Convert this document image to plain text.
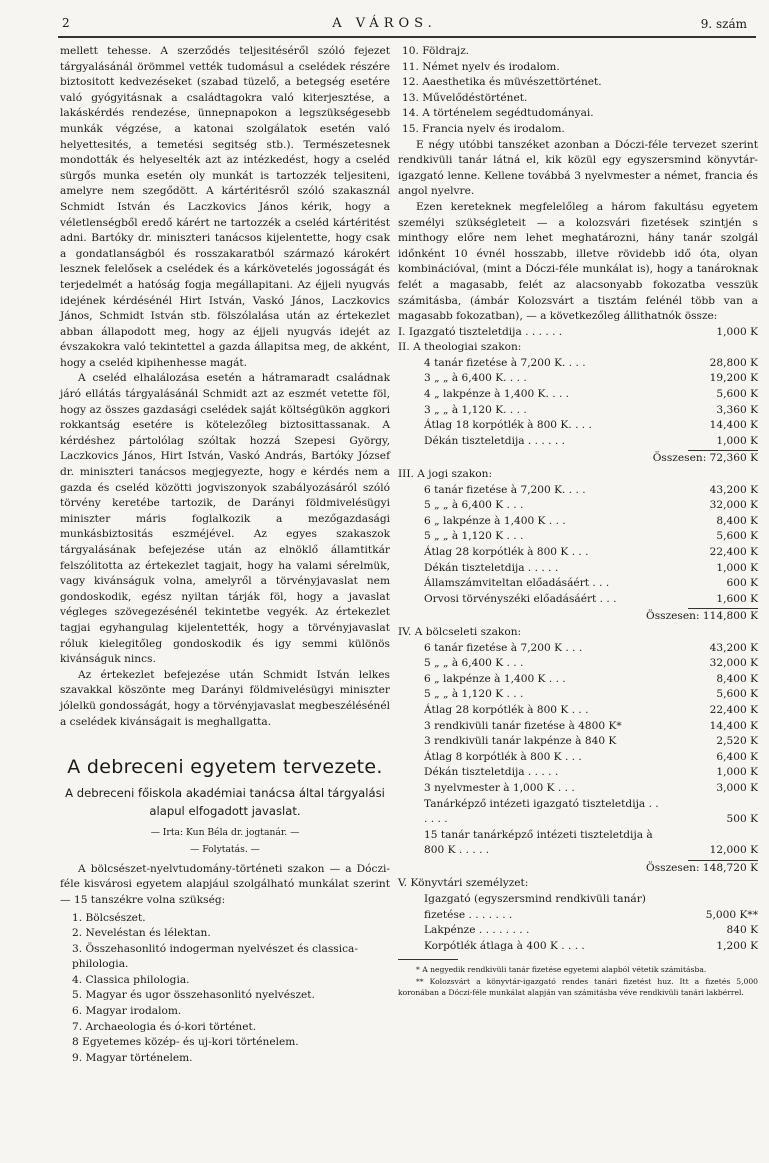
2	A VÁROS.	9. szám

mellett tehesse. A szerződés teljesitéséről szóló fejezet tárgyalásánál örömmel vették tudomásul a cselédek részére biztositott kedvezéseket (szabad tüzelő, a betegség esetére való gyógyitásnak a családtagokra való kiterjesztése, a lakáskérdés rendezése, ünnepnapokon a legszükségesebb munkák végzése, a katonai szolgálatok esetén való helyettesités, a temetési segitség stb.). Természetesnek mondották és helyeselték azt az intézkedést, hogy a cseléd sürgős munka esetén oly munkát is tartozzék teljesiteni, amelyre nem szegődött. A kártéritésről szóló szakasznál Schmidt István és Laczkovics János kérik, hogy a véletlenségből eredő kárért ne tartozzék a cseléd kártéritést adni. Bartóky dr. miniszteri tanácsos kijelentette, hogy csak a gondatlanságból és rosszakaratból származó károkért lesznek felelősek a cselédek és a kárkövetelés jogosságát és terjedelmét a hatóság fogja megállapitani. Az éjjeli nyugvás idejének kérdésénél Hirt István, Vaskó János, Laczkovics János, Schmidt István stb. fölszólalása után az értekezlet abban állapodott meg, hogy az éjjeli nyugvás idejét az évszakokra való tekintettel a gazda állapitsa meg, de akként, hogy a cseléd kipihenhesse magát.

A cseléd elhalálozása esetén a hátramaradt családnak járó ellátás tárgyalásánál Schmidt azt az eszmét vetette föl, hogy az összes gazdasági cselédek saját költségükön aggkori rokkantság esetére is kötelezőleg biztosittassanak. A kérdéshez pártolólag szóltak hozzá Szepesi György, Laczkovics János, Hirt István, Vaskó András, Bartóky József dr. miniszteri tanácsos megjegyezte, hogy e kérdés nem a gazda és cseléd közötti jogviszonyok szabályozásáról szóló törvény keretébe tartozik, de Darányi földmivelésügyi miniszter máris foglalkozik a mezőgazdasági munkásbiztositás eszméjével. Az egyes szakaszok tárgyalásának befejezése után az elnöklő államtitkár felszólitotta az értekezlet tagjait, hogy ha valami sérelmük, vagy kivánságuk volna, amelyről a törvényjavaslat nem gondoskodik, egész nyiltan tárják föl, hogy a javaslat végleges szövegezésénél tekintetbe vegyék. Az értekezlet tagjai egyhangulag kijelentették, hogy a törvényjavaslat róluk kielegitőleg gondoskodik és igy semmi különös kivánságuk nincs.

Az értekezlet befejezése után Schmidt István lelkes szavakkal köszönte meg Darányi földmivelésügyi miniszter jólelkü gondosságát, hogy a törvényjavaslat megbeszélésénél a cselédek kivánságait is meghallgatta.

A debreceni egyetem tervezete.
A debreceni főiskola akadémiai tanácsa által tárgyalási alapul elfogadott javaslat.
— Irta: Kun Béla dr. jogtanár. —
— Folytatás. —

A bölcsészet-nyelvtudomány-történeti szakon — a Dóczi-féle kisvárosi egyetem alapjául szolgálható munkálat szerint — 15 tanszékre volna szükség:

1. Bölcsészet.
2. Neveléstan és lélektan.
3. Összehasonlitó indogerman nyelvészet és classica-philologia.
4. Classica philologia.
5. Magyar és ugor összehasonlitó nyelvészet.
6. Magyar irodalom.
7. Archaeologia és ó-kori történet.
8 Egyetemes közép- és uj-kori történelem.
9. Magyar történelem.
10. Földrajz.
11. Német nyelv és irodalom.
12. Aaesthetika és müvészettörténet.
13. Művelődéstörténet.
14. A történelem segédtudományai.
15. Francia nyelv és irodalom.

E négy utóbbi tanszéket azonban a Dóczi-féle tervezet szerint rendkivüli tanár látná el, kik közül egy egyszersmind könyvtár-igazgató lenne. Kellene továbbá 3 nyelvmester a német, francia és angol nyelvre.

Ezen kereteknek megfelelőleg a három fakultásu egyetem személyi szükségleteit — a kolozsvári fizetések szintjén s minthogy előre nem lehet meghatározni, hány tanár szolgál időnként 10 évnél hosszabb, illetve rövidebb idő óta, olyan kombinációval, (mint a Dóczi-féle munkálat is), hogy a tanároknak felét a magasabb, felét az alacsonyabb fokozatba vesszük számitásba, (ámbár Kolozsvárt a tisztám felénél több van a magasabb fokozatban), — a következőleg állithatnók össze:

I. Igazgató tiszteletdija . . . . . .	1,000 K
II. A theologiai szakon:
4 tanár fizetése à 7,200 K. . . .	28,800 K
3 „ „ à 6,400 K. . . .	19,200 K
4 „ lakpénze à 1,400 K. . . .	5,600 K
3 „ „ à 1,120 K. . . .	3,360 K
Átlag 18 korpótlék à 800 K. . . .	14,400 K
Dékán tiszteletdija . . . . . .	1,000 K
Összesen: 72,360 K
III. A jogi szakon:
6 tanár fizetése à 7,200 K. . . .	43,200 K
5 „ „ à 6,400 K . . .	32,000 K
6 „ lakpénze à 1,400 K . . .	8,400 K
5 „ „ à 1,120 K . . .	5,600 K
Átlag 28 korpótlék à 800 K . . .	22,400 K
Dékán tiszteletdija . . . . .	1,000 K
Államszámviteltan előadásáért . . .	600 K
Orvosi törvényszéki előadásáért . . .	1,600 K
Összesen: 114,800 K
IV. A bölcseleti szakon:
6 tanár fizetése à 7,200 K . . .	43,200 K
5 „ „ à 6,400 K . . .	32,000 K
6 „ lakpénze à 1,400 K . . .	8,400 K
5 „ „ à 1,120 K . . .	5,600 K
Átlag 28 korpótlék à 800 K . . .	22,400 K
3 rendkivüli tanár fizetése à 4800 K*	14,400 K
3 rendkivüli tanár lakpénze à 840 K	2,520 K
Átlag 8 korpótlék à 800 K . . .	6,400 K
Dékán tiszteletdija . . . . .	1,000 K
3 nyelvmester à 1,000 K . . .	3,000 K
Tanárképző intézeti igazgató tiszteletdija . . . . . .	500 K
15 tanár tanárképző intézeti tiszteletdija à 800 K . . . . .	12,000 K
Összesen: 148,720 K
V. Könyvtári személyzet:
Igazgató (egyszersmind rendkivüli tanár) fizetése . . . . . . .	5,000 K**
Lakpénze . . . . . . . .	840 K
Korpótlék átlaga à 400 K . . . .	1,200 K

* A negyedik rendkivüli tanár fizetése egyetemi alapból vétetik számitásba.

** Kolozsvárt a könyvtár-igazgató rendes tanári fizetést huz. Itt a fizetés 5,000 koronában a Dóczi-féle munkálat alapján van számitásba véve rendkivüli tanári lakbérrel.
